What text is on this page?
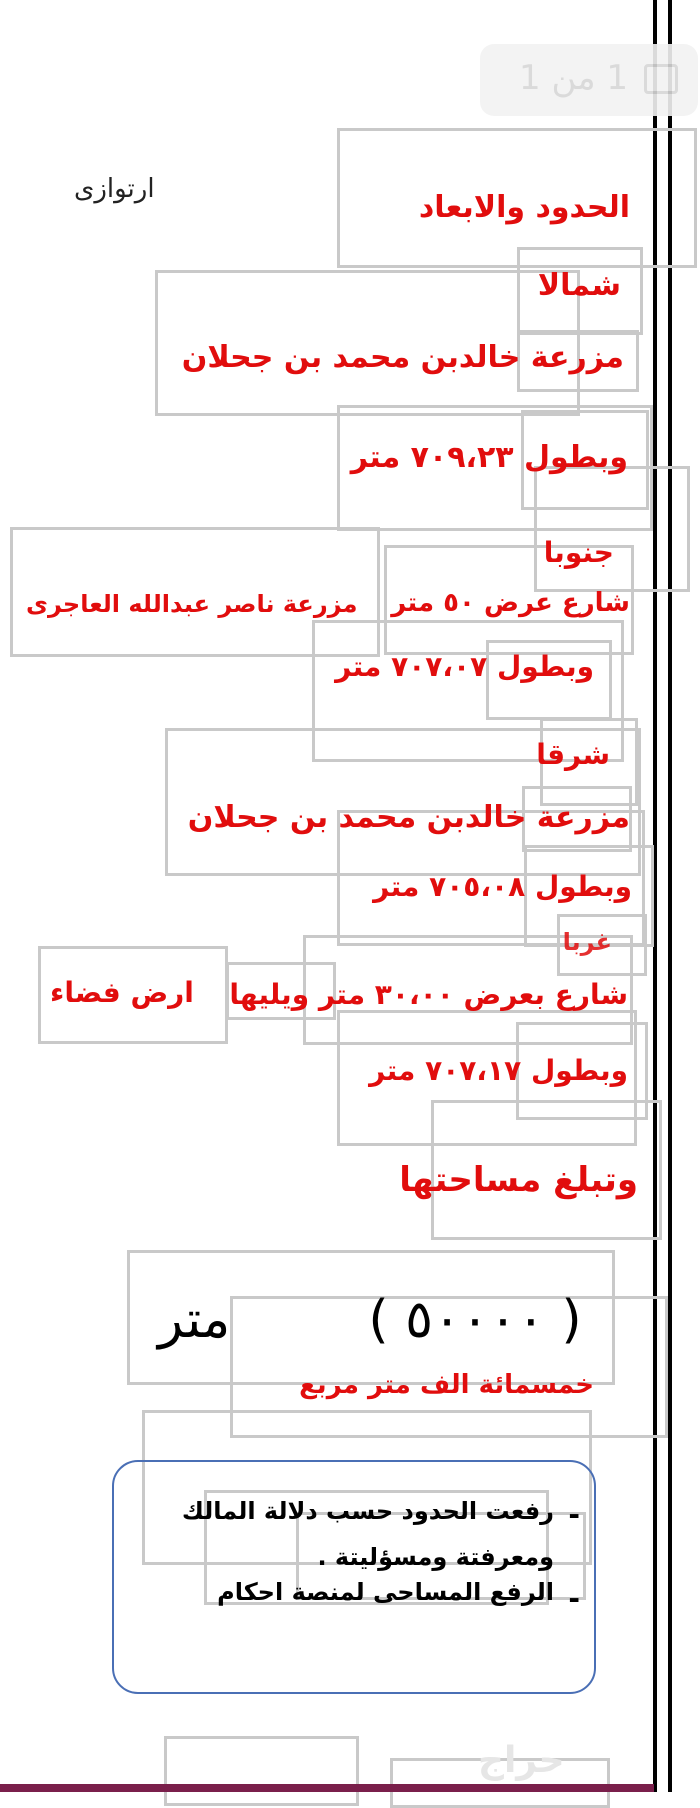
1 من 1
ارتوازى
الحدود والابعاد
شمالا
مزرعة خالدبن محمد بن جحلان
وبطول ٧٠٩،٢٣ متر
جنوبا
شارع عرض ٥٠ متر
مزرعة ناصر عبدالله العاجرى
وبطول ٧٠٧،٠٧ متر
شرقا
مزرعة خالدبن محمد بن جحلان
وبطول ٧٠٥،٠٨ متر
غربا
شارع بعرض ٣٠،٠٠ متر ويليها
ارض فضاء
وبطول ٧٠٧،١٧ متر
وتبلغ مساحتها
( ٥٠٠٠٠ )
متر
خمسمائة الف متر مربع
-
رفعت الحدود حسب دلالة المالك ومعرفتة ومسؤليتة .
-
الرفع المساحى لمنصة احكام
حراج
